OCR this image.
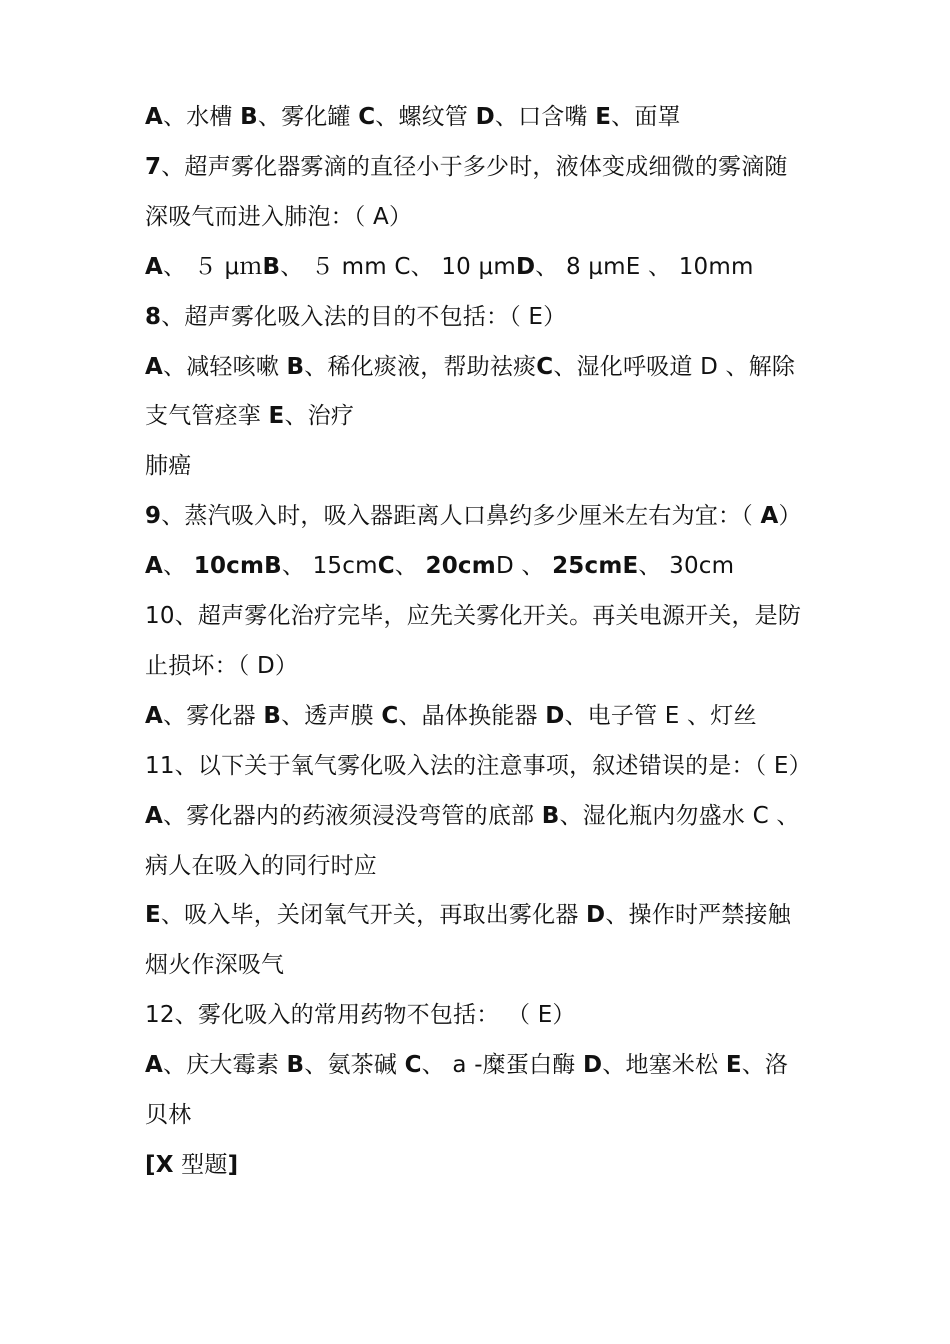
A、水槽 B、雾化罐 C、螺纹管 D、口含嘴 E、面罩
7、超声雾化器雾滴的直径小于多少时，液体变成细微的雾滴随
深吸气而进入肺泡：（ A）
A、 ５ μｍB、 ５ mm C、 10 μmD、 8 μmE 、 10mm
8、超声雾化吸入法的目的不包括：（ E）
A、减轻咳嗽 B、稀化痰液，帮助祛痰C、湿化呼吸道 D 、解除
支气管痉挛 E、治疗
肺癌
9、蒸汽吸入时，吸入器距离人口鼻约多少厘米左右为宜：（ A）
A、 10cmB、 15cmC、 20cmD 、 25cmE、 30cm
10、超声雾化治疗完毕，应先关雾化开关。再关电源开关，是防
止损坏：（ D）
A、雾化器 B、透声膜 C、晶体换能器 D、电子管 E 、灯丝
11、以下关于氧气雾化吸入法的注意事项，叙述错误的是：（ E）
A、雾化器内的药液须浸没弯管的底部 B、湿化瓶内勿盛水 C 、
病人在吸入的同行时应
E、吸入毕，关闭氧气开关，再取出雾化器 D、操作时严禁接触
烟火作深吸气
12、雾化吸入的常用药物不包括： （ E）
A、庆大霉素 B、氨茶碱 C、 a -糜蛋白酶 D、地塞米松 E、洛
贝林
[X 型题]
